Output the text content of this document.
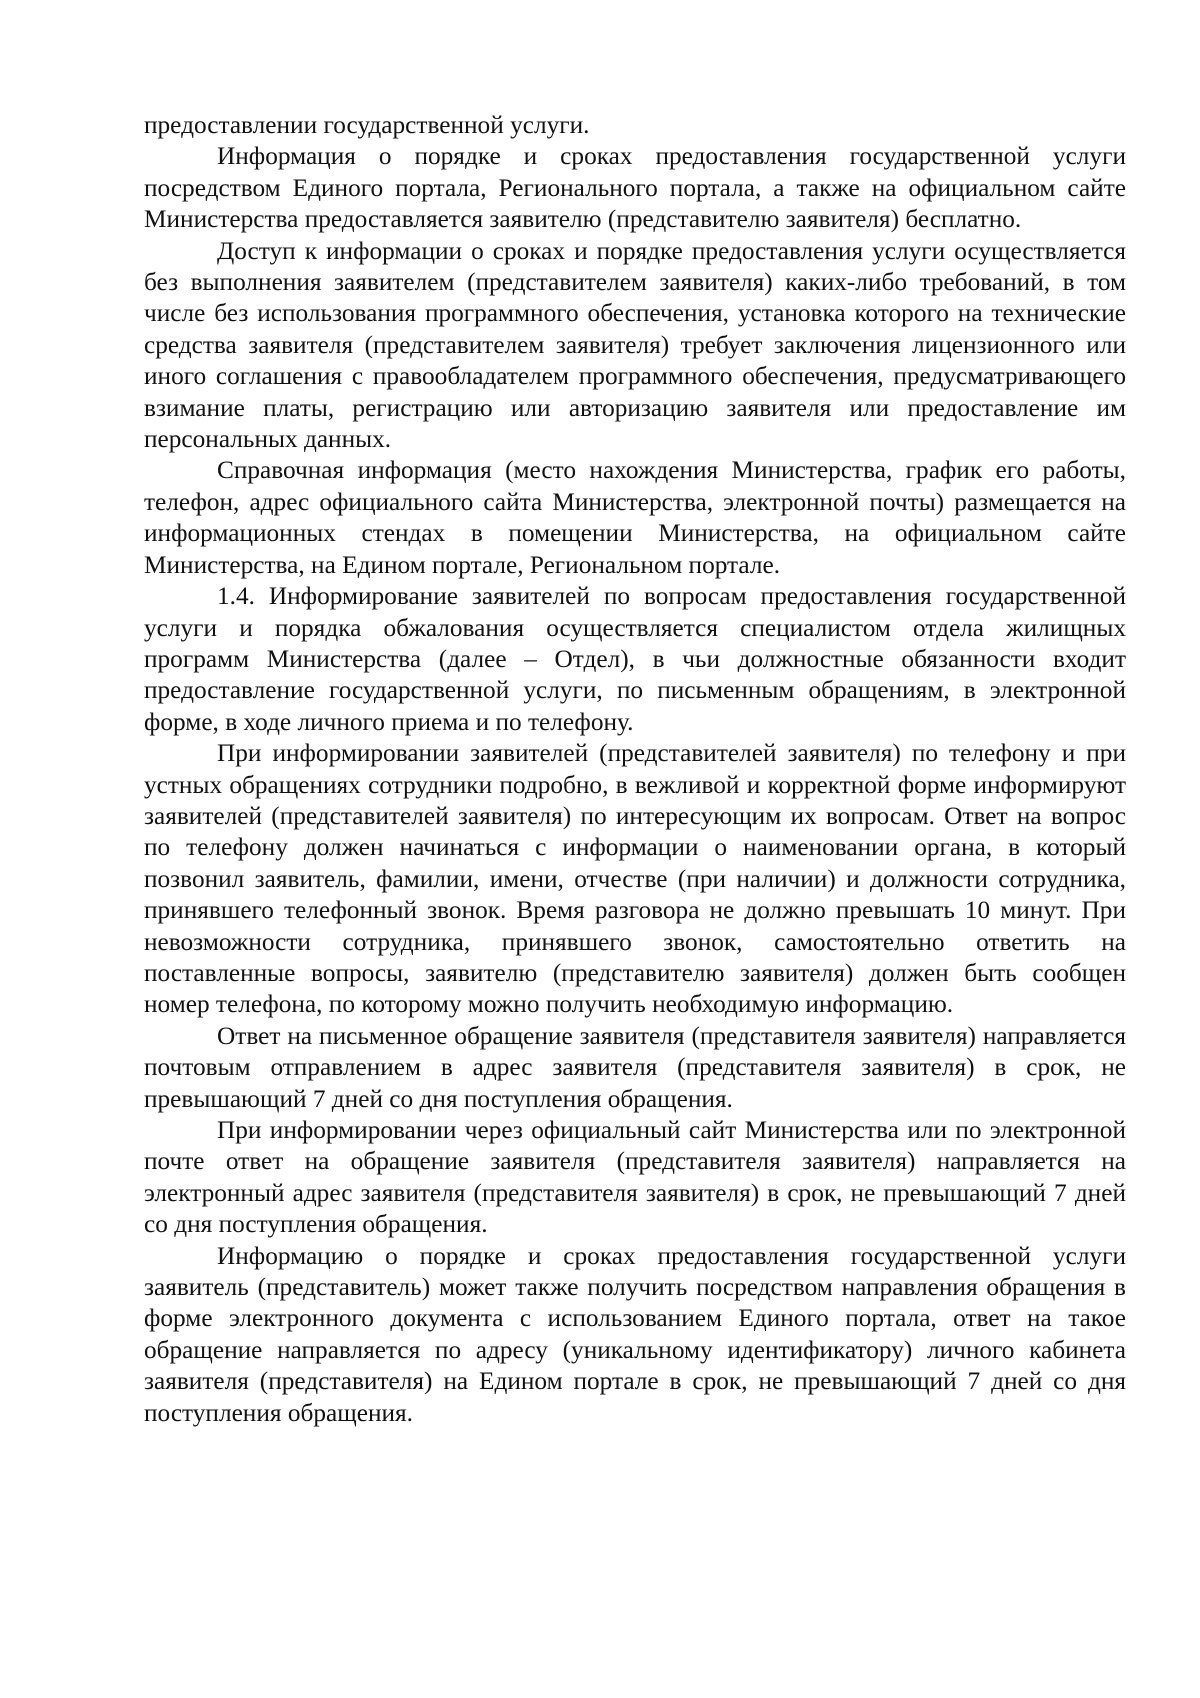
предоставлении государственной услуги.

Информация о порядке и сроках предоставления государственной услуги посредством Единого портала, Регионального портала, а также на официальном сайте Министерства предоставляется заявителю (представителю заявителя) бесплатно.

Доступ к информации о сроках и порядке предоставления услуги осуществляется без выполнения заявителем (представителем заявителя) каких-либо требований, в том числе без использования программного обеспечения, установка которого на технические средства заявителя (представителем заявителя) требует заключения лицензионного или иного соглашения с правообладателем программного обеспечения, предусматривающего взимание платы, регистрацию или авторизацию заявителя или предоставление им персональных данных.

Справочная информация (место нахождения Министерства, график его работы, телефон, адрес официального сайта Министерства, электронной почты) размещается на информационных стендах в помещении Министерства, на официальном сайте Министерства, на Едином портале, Региональном портале.

1.4. Информирование заявителей по вопросам предоставления государственной услуги и порядка обжалования осуществляется специалистом отдела жилищных программ Министерства (далее – Отдел), в чьи должностные обязанности входит предоставление государственной услуги, по письменным обращениям, в электронной форме, в ходе личного приема и по телефону.

При информировании заявителей (представителей заявителя) по телефону и при устных обращениях сотрудники подробно, в вежливой и корректной форме информируют заявителей (представителей заявителя) по интересующим их вопросам. Ответ на вопрос по телефону должен начинаться с информации о наименовании органа, в который позвонил заявитель, фамилии, имени, отчестве (при наличии) и должности сотрудника, принявшего телефонный звонок. Время разговора не должно превышать 10 минут. При невозможности сотрудника, принявшего звонок, самостоятельно ответить на поставленные вопросы, заявителю (представителю заявителя) должен быть сообщен номер телефона, по которому можно получить необходимую информацию.

Ответ на письменное обращение заявителя (представителя заявителя) направляется почтовым отправлением в адрес заявителя (представителя заявителя) в срок, не превышающий 7 дней со дня поступления обращения.

При информировании через официальный сайт Министерства или по электронной почте ответ на обращение заявителя (представителя заявителя) направляется на электронный адрес заявителя (представителя заявителя) в срок, не превышающий 7 дней со дня поступления обращения.

Информацию о порядке и сроках предоставления государственной услуги заявитель (представитель) может также получить посредством направления обращения в форме электронного документа с использованием Единого портала, ответ на такое обращение направляется по адресу (уникальному идентификатору) личного кабинета заявителя (представителя) на Едином портале в срок, не превышающий 7 дней со дня поступления обращения.
